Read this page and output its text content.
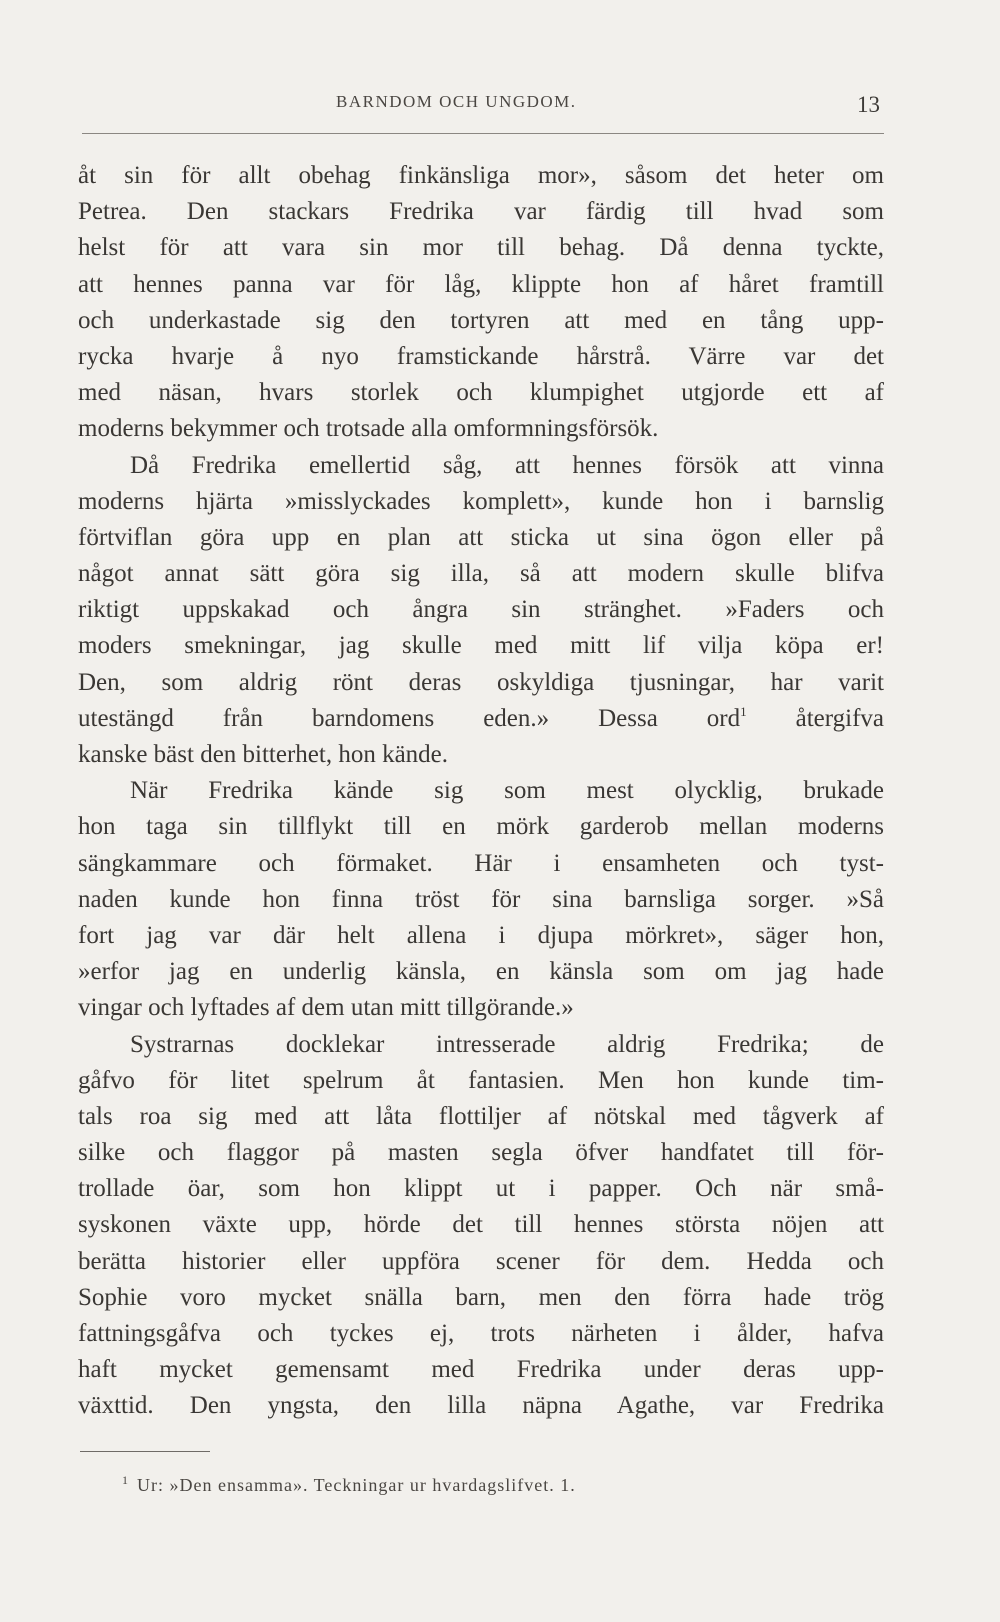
BARNDOM OCH UNGDOM.	13
åt sin för allt obehag finkänsliga mor», såsom det heter om
Petrea. Den stackars Fredrika var färdig till hvad som
helst för att vara sin mor till behag. Då denna tyckte,
att hennes panna var för låg, klippte hon af håret framtill
och underkastade sig den tortyren att med en tång upp-
rycka hvarje å nyo framstickande hårstrå. Värre var det
med näsan, hvars storlek och klumpighet utgjorde ett af
moderns bekymmer och trotsade alla omformningsförsök.
Då Fredrika emellertid såg, att hennes försök att vinna
moderns hjärta »misslyckades komplett», kunde hon i barnslig
förtviflan göra upp en plan att sticka ut sina ögon eller på
något annat sätt göra sig illa, så att modern skulle blifva
riktigt uppskakad och ångra sin stränghet. »Faders och
moders smekningar, jag skulle med mitt lif vilja köpa er!
Den, som aldrig rönt deras oskyldiga tjusningar, har varit
utestängd från barndomens eden.» Dessa ord$^1$ återgifva
kanske bäst den bitterhet, hon kände.
När Fredrika kände sig som mest olycklig, brukade
hon taga sin tillflykt till en mörk garderob mellan moderns
sängkammare och förmaket. Här i ensamheten och tyst-
naden kunde hon finna tröst för sina barnsliga sorger. »Så
fort jag var där helt allena i djupa mörkret», säger hon,
»erfor jag en underlig känsla, en känsla som om jag hade
vingar och lyftades af dem utan mitt tillgörande.»
Systrarnas docklekar intresserade aldrig Fredrika; de
gåfvo för litet spelrum åt fantasien. Men hon kunde tim-
tals roa sig med att låta flottiljer af nötskal med tågverk af
silke och flaggor på masten segla öfver handfatet till för-
trollade öar, som hon klippt ut i papper. Och när små-
syskonen växte upp, hörde det till hennes största nöjen att
berätta historier eller uppföra scener för dem. Hedda och
Sophie voro mycket snälla barn, men den förra hade trög
fattningsgåfva och tyckes ej, trots närheten i ålder, hafva
haft mycket gemensamt med Fredrika under deras upp-
växttid. Den yngsta, den lilla näpna Agathe, var Fredrika
$^1$ Ur: »Den ensamma». Teckningar ur hvardagslifvet. 1.
